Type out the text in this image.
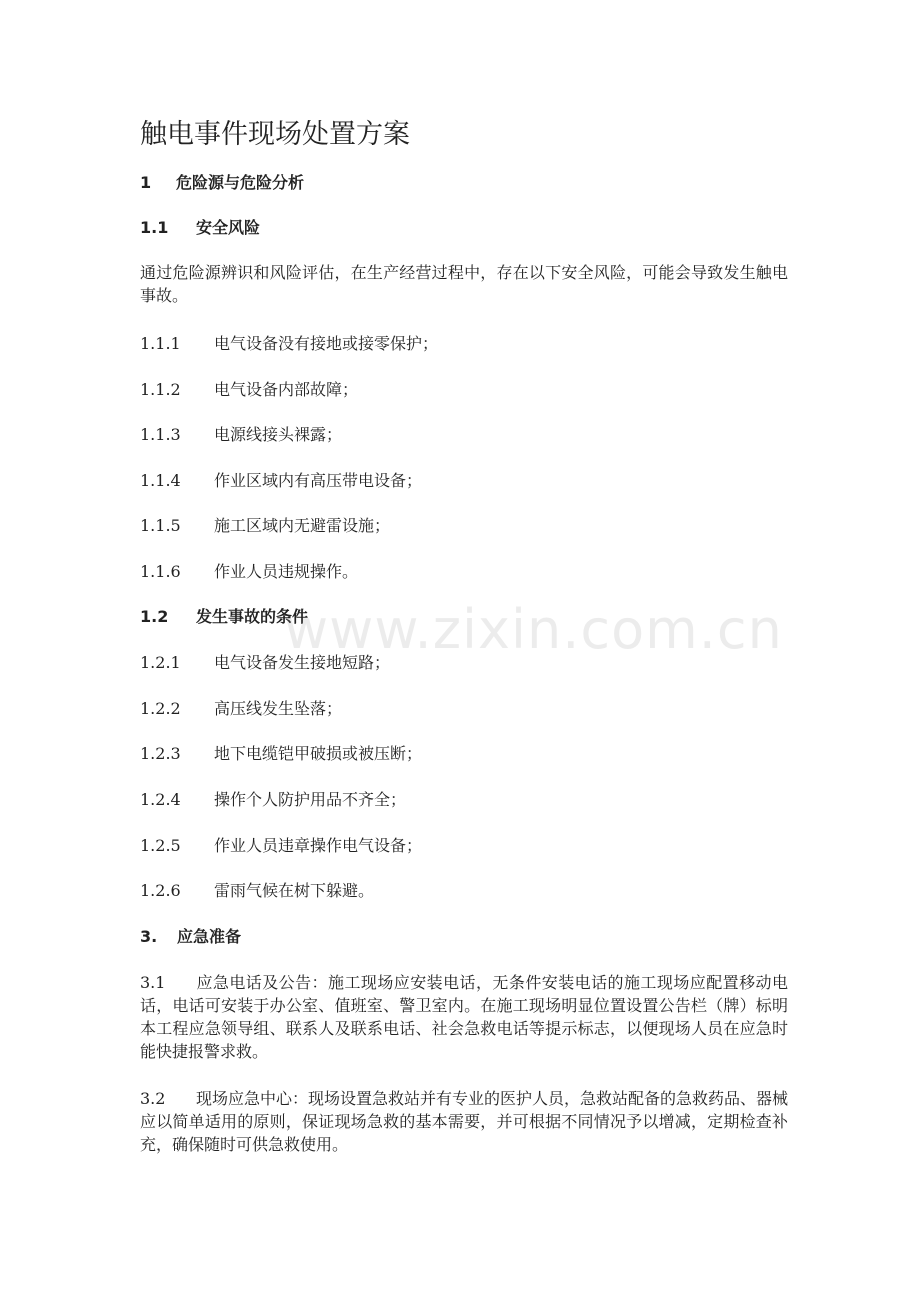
触电事件现场处置方案
1 危险源与危险分析
1.1 安全风险
通过危险源辨识和风险评估，在生产经营过程中，存在以下安全风险，可能会导致发生触电事故。
1.1.1 电气设备没有接地或接零保护；
1.1.2 电气设备内部故障；
1.1.3 电源线接头裸露；
1.1.4 作业区域内有高压带电设备；
1.1.5 施工区域内无避雷设施；
1.1.6 作业人员违规操作。
1.2 发生事故的条件
1.2.1 电气设备发生接地短路；
1.2.2 高压线发生坠落；
1.2.3 地下电缆铠甲破损或被压断；
1.2.4 操作个人防护用品不齐全；
1.2.5 作业人员违章操作电气设备；
1.2.6 雷雨气候在树下躲避。
3. 应急准备
3.1 应急电话及公告：施工现场应安装电话，无条件安装电话的施工现场应配置移动电话，电话可安装于办公室、值班室、警卫室内。在施工现场明显位置设置公告栏（牌）标明本工程应急领导组、联系人及联系电话、社会急救电话等提示标志，以便现场人员在应急时能快捷报警求救。
3.2 现场应急中心：现场设置急救站并有专业的医护人员，急救站配备的急救药品、器械应以简单适用的原则，保证现场急救的基本需要，并可根据不同情况予以增减，定期检查补充，确保随时可供急救使用。
www.zixin.com.cn
